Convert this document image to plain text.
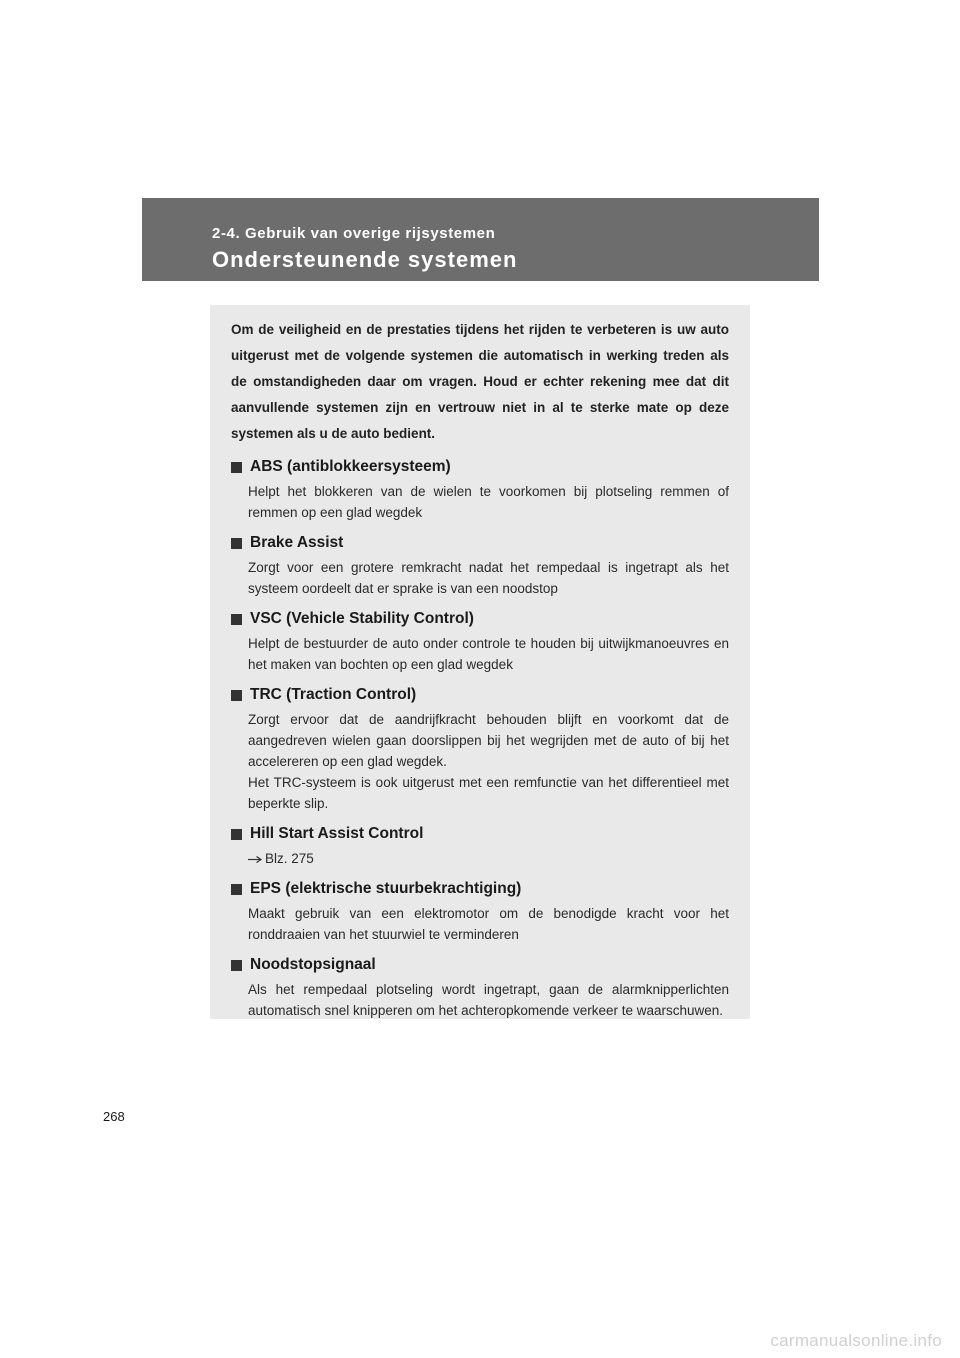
2-4. Gebruik van overige rijsystemen
Ondersteunende systemen

Om de veiligheid en de prestaties tijdens het rijden te verbeteren is uw auto uitgerust met de volgende systemen die automatisch in werking treden als de omstandigheden daar om vragen. Houd er echter rekening mee dat dit aanvullende systemen zijn en vertrouw niet in al te sterke mate op deze systemen als u de auto bedient.

ABS (antiblokkeersysteem)

Helpt het blokkeren van de wielen te voorkomen bij plotseling remmen of remmen op een glad wegdek

Brake Assist

Zorgt voor een grotere remkracht nadat het rempedaal is ingetrapt als het systeem oordeelt dat er sprake is van een noodstop

VSC (Vehicle Stability Control)

Helpt de bestuurder de auto onder controle te houden bij uitwijkmanoeuvres en het maken van bochten op een glad wegdek

TRC (Traction Control)

Zorgt ervoor dat de aandrijfkracht behouden blijft en voorkomt dat de aangedreven wielen gaan doorslippen bij het wegrijden met de auto of bij het accelereren op een glad wegdek.

Het TRC-systeem is ook uitgerust met een remfunctie van het differentieel met beperkte slip.

Hill Start Assist Control

Blz. 275

EPS (elektrische stuurbekrachtiging)

Maakt gebruik van een elektromotor om de benodigde kracht voor het ronddraaien van het stuurwiel te verminderen

Noodstopsignaal

Als het rempedaal plotseling wordt ingetrapt, gaan de alarmknipperlichten automatisch snel knipperen om het achteropkomende verkeer te waarschuwen.

268
carmanualsonline.info
